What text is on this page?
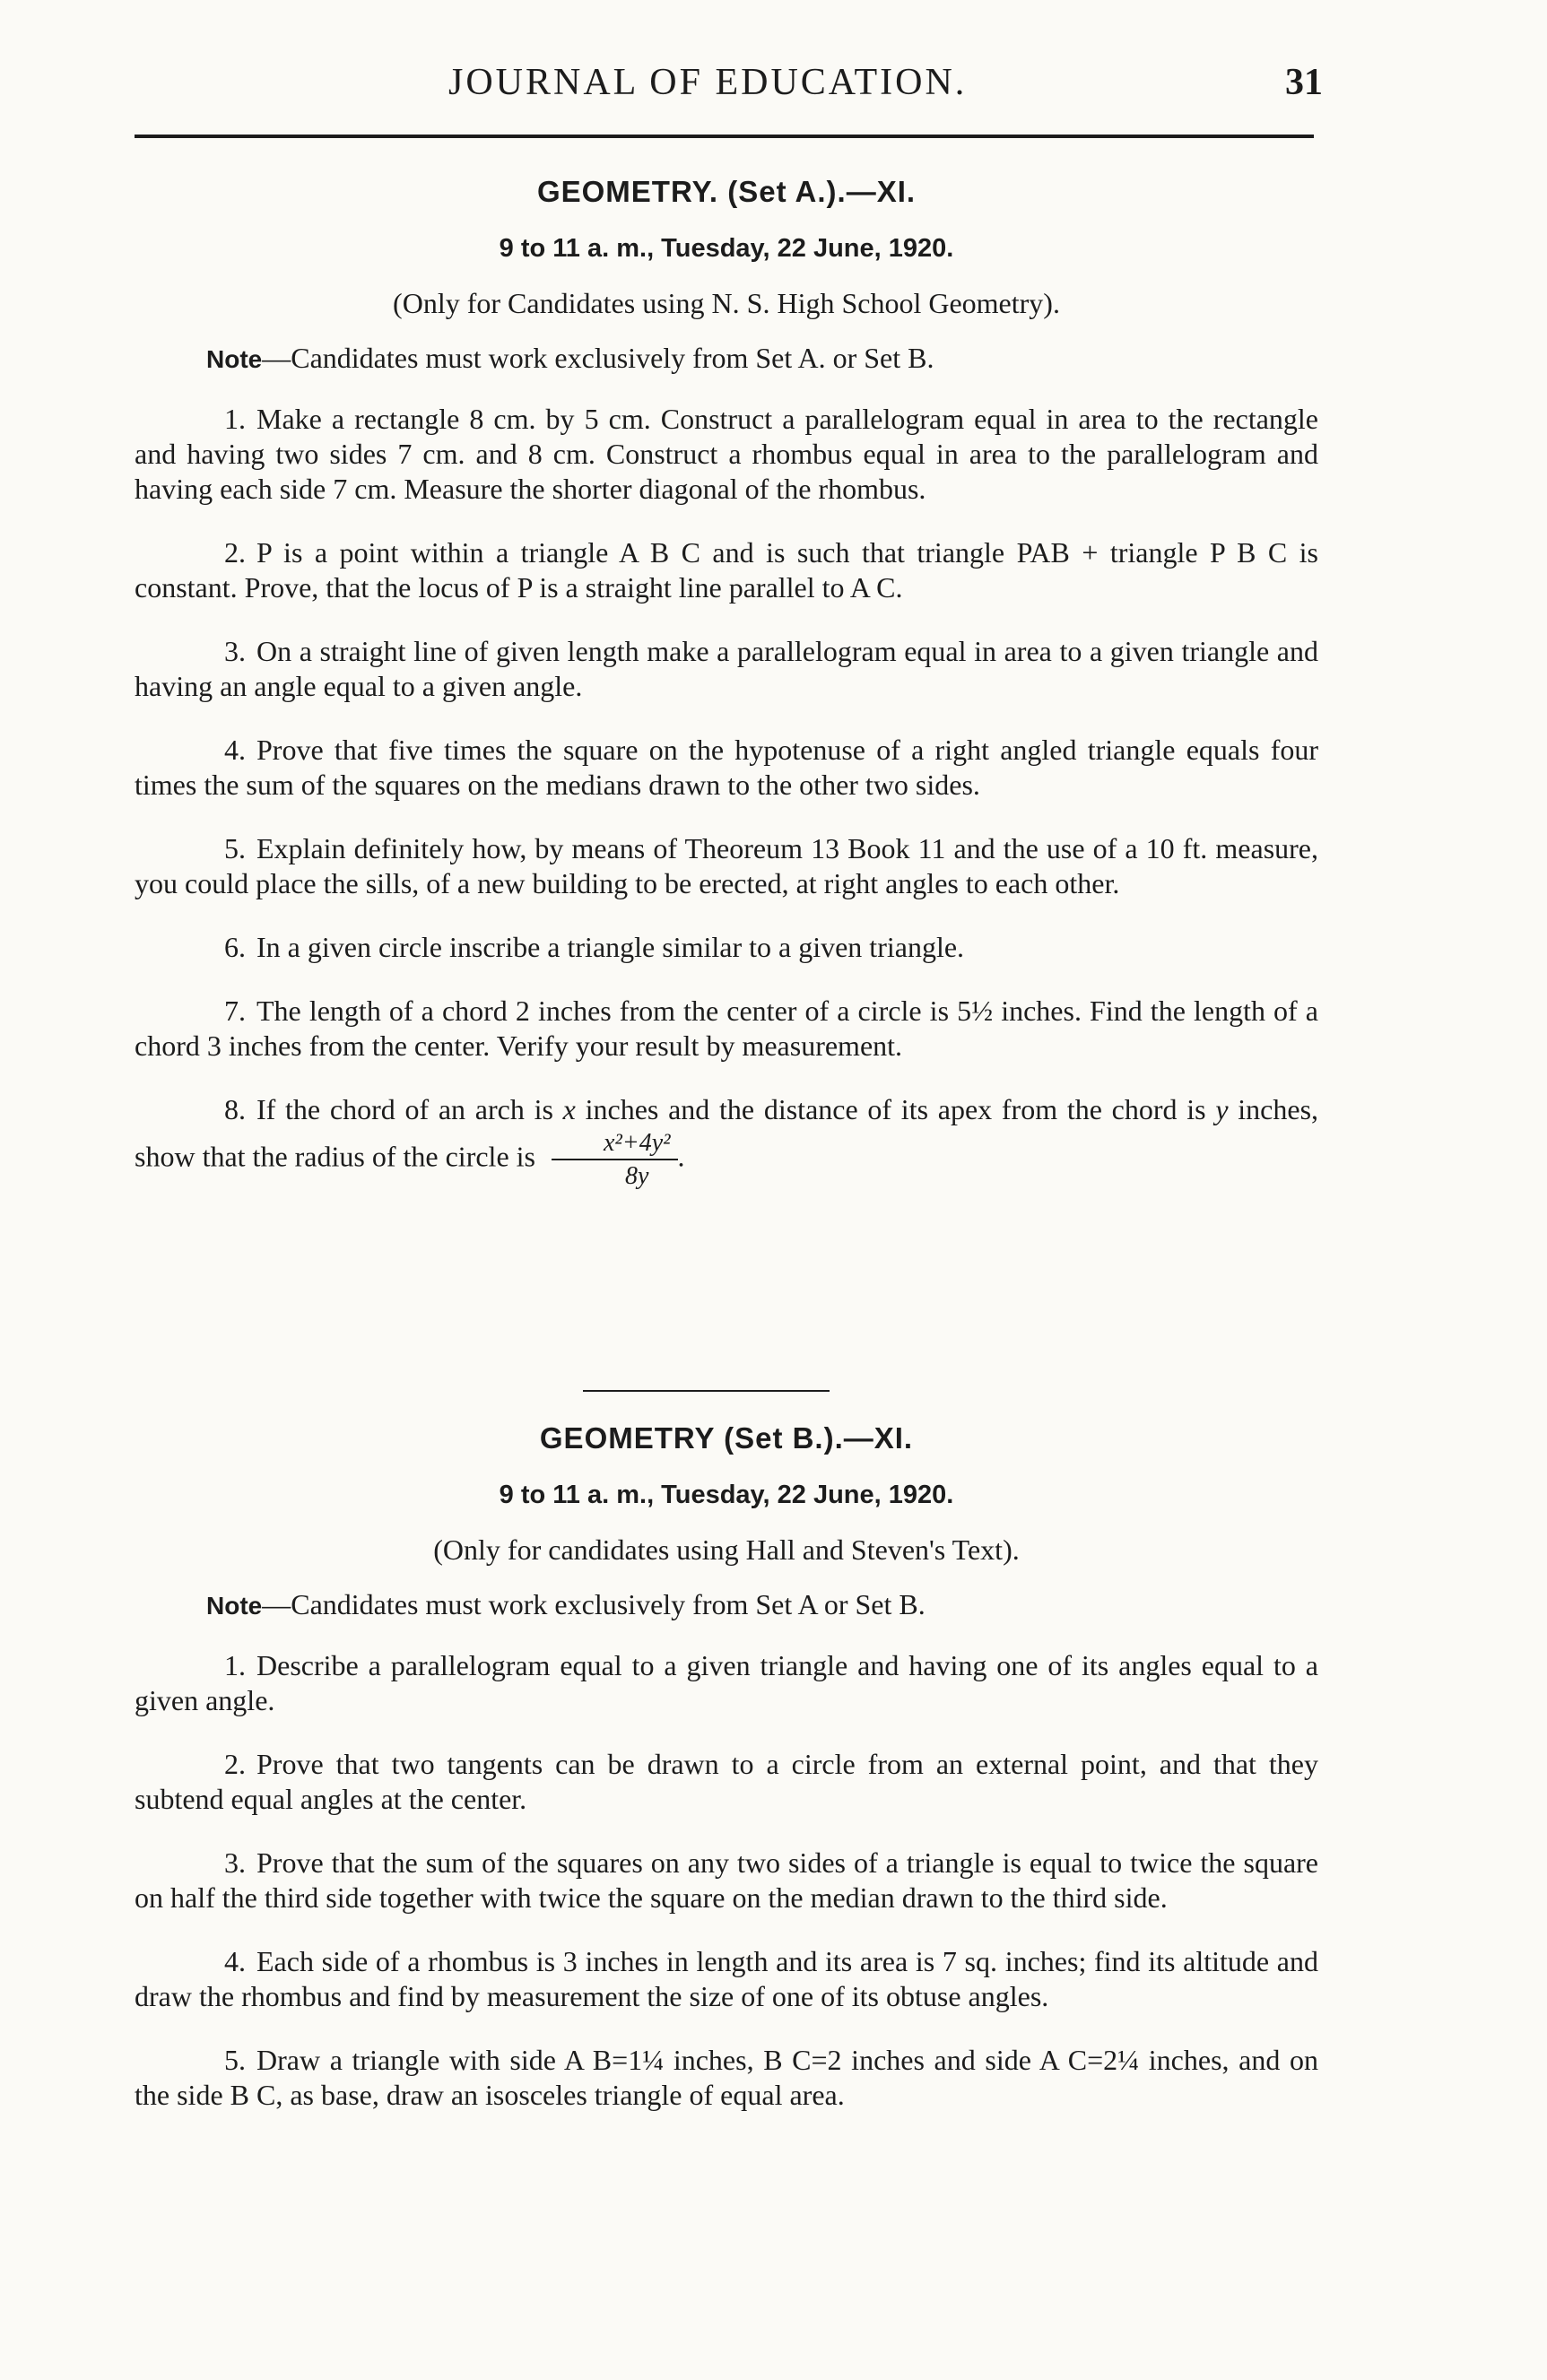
JOURNAL OF EDUCATION.	31
GEOMETRY. (Set A.).—XI.
9 to 11 a. m., Tuesday, 22 June, 1920.
(Only for Candidates using N. S. High School Geometry).
Note—Candidates must work exclusively from Set A. or Set B.

1. Make a rectangle 8 cm. by 5 cm. Construct a parallelogram equal in area to the rectangle and having two sides 7 cm. and 8 cm. Construct a rhombus equal in area to the parallelogram and having each side 7 cm. Measure the shorter diagonal of the rhombus.

2. P is a point within a triangle A B C and is such that triangle PAB + triangle P B C is constant. Prove, that the locus of P is a straight line parallel to A C.

3. On a straight line of given length make a parallelogram equal in area to a given triangle and having an angle equal to a given angle.

4. Prove that five times the square on the hypotenuse of a right angled triangle equals four times the sum of the squares on the medians drawn to the other two sides.

5. Explain definitely how, by means of Theoreum 13 Book 11 and the use of a 10 ft. measure, you could place the sills, of a new building to be erected, at right angles to each other.

6. In a given circle inscribe a triangle similar to a given triangle.

7. The length of a chord 2 inches from the center of a circle is 5½ inches. Find the length of a chord 3 inches from the center. Verify your result by measurement.

8. If the chord of an arch is x inches and the distance of its apex from the chord is y inches, show that the radius of the circle is $\frac{\text{x²+4y²}}{8y}$ .

GEOMETRY (Set B.).—XI.
9 to 11 a. m., Tuesday, 22 June, 1920.
(Only for candidates using Hall and Steven's Text).
Note—Candidates must work exclusively from Set A or Set B.

1. Describe a parallelogram equal to a given triangle and having one of its angles equal to a given angle.

2. Prove that two tangents can be drawn to a circle from an external point, and that they subtend equal angles at the center.

3. Prove that the sum of the squares on any two sides of a triangle is equal to twice the square on half the third side together with twice the square on the median drawn to the third side.

4. Each side of a rhombus is 3 inches in length and its area is 7 sq. inches; find its altitude and draw the rhombus and find by measurement the size of one of its obtuse angles.

5. Draw a triangle with side A B=1¼ inches, B C=2 inches and side A C=2¼ inches, and on the side B C, as base, draw an isosceles triangle of equal area.
